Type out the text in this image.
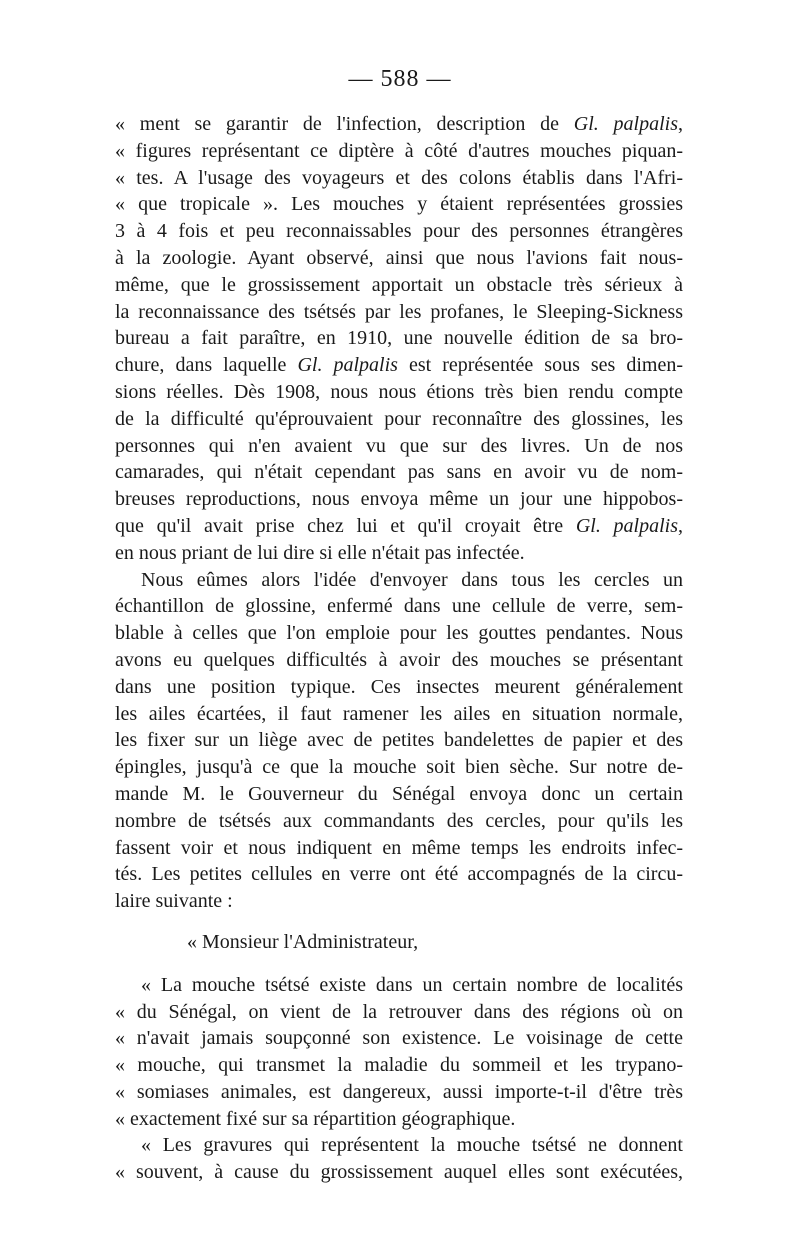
— 588 —
« ment se garantir de l'infection, description de Gl. palpalis,
« figures représentant ce diptère à côté d'autres mouches piquan-
« tes. A l'usage des voyageurs et des colons établis dans l'Afri-
« que tropicale ». Les mouches y étaient représentées grossies
3 à 4 fois et peu reconnaissables pour des personnes étrangères
à la zoologie. Ayant observé, ainsi que nous l'avions fait nous-
même, que le grossissement apportait un obstacle très sérieux à
la reconnaissance des tsétsés par les profanes, le Sleeping-Sickness
bureau a fait paraître, en 1910, une nouvelle édition de sa bro-
chure, dans laquelle Gl. palpalis est représentée sous ses dimen-
sions réelles. Dès 1908, nous nous étions très bien rendu compte
de la difficulté qu'éprouvaient pour reconnaître des glossines, les
personnes qui n'en avaient vu que sur des livres. Un de nos
camarades, qui n'était cependant pas sans en avoir vu de nom-
breuses reproductions, nous envoya même un jour une hippobos-
que qu'il avait prise chez lui et qu'il croyait être Gl. palpalis,
en nous priant de lui dire si elle n'était pas infectée.
Nous eûmes alors l'idée d'envoyer dans tous les cercles un
échantillon de glossine, enfermé dans une cellule de verre, sem-
blable à celles que l'on emploie pour les gouttes pendantes. Nous
avons eu quelques difficultés à avoir des mouches se présentant
dans une position typique. Ces insectes meurent généralement
les ailes écartées, il faut ramener les ailes en situation normale,
les fixer sur un liège avec de petites bandelettes de papier et des
épingles, jusqu'à ce que la mouche soit bien sèche. Sur notre de-
mande M. le Gouverneur du Sénégal envoya donc un certain
nombre de tsétsés aux commandants des cercles, pour qu'ils les
fassent voir et nous indiquent en même temps les endroits infec-
tés. Les petites cellules en verre ont été accompagnés de la circu-
laire suivante :
« Monsieur l'Administrateur,
« La mouche tsétsé existe dans un certain nombre de localités
« du Sénégal, on vient de la retrouver dans des régions où on
« n'avait jamais soupçonné son existence. Le voisinage de cette
« mouche, qui transmet la maladie du sommeil et les trypano-
« somiases animales, est dangereux, aussi importe-t-il d'être très
« exactement fixé sur sa répartition géographique.
« Les gravures qui représentent la mouche tsétsé ne donnent
« souvent, à cause du grossissement auquel elles sont exécutées,
